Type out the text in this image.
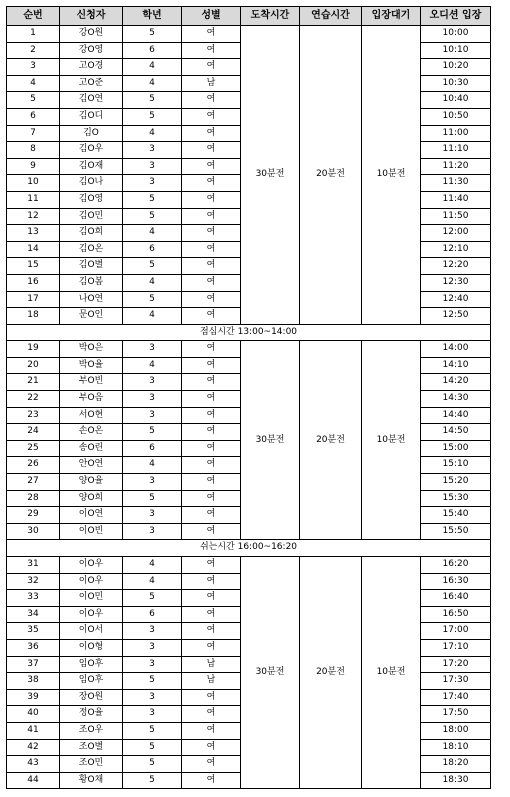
순번	신청자	학년	성별	도착시간	연습시간	입장대기	오디션 입장
1	강O원	5	여	30분전	20분전	10분전	10:00
2	강O영	6	여				10:10
3	고O경	4	여				10:20
4	고O준	4	남				10:30
5	김O연	5	여				10:40
6	김O디	5	여				10:50
7	김O	4	여				11:00
8	김O우	3	여				11:10
9	김O재	3	여				11:20
10	김O나	3	여				11:30
11	김O영	5	여				11:40
12	김O민	5	여				11:50
13	김O희	4	여				12:00
14	김O온	6	여				12:10
15	김O별	5	여				12:20
16	김O봄	4	여				12:30
17	나O연	5	여				12:40
18	문O인	4	여				12:50
점심시간 13:00~14:00							
19	박O은	3	여	30분전	20분전	10분전	14:00
20	박O율	4	여				14:10
21	부O빈	3	여				14:20
22	부O음	3	여				14:30
23	서O현	3	여				14:40
24	손O온	5	여				14:50
25	송O린	6	여				15:00
26	안O연	4	여				15:10
27	양O율	3	여				15:20
28	양O희	5	여				15:30
29	이O연	3	여				15:40
30	이O빈	3	여				15:50
쉬는시간 16:00~16:20							
31	이O우	4	여	30분전	20분전	10분전	16:20
32	이O우	4	여				16:30
33	이O민	5	여				16:40
34	이O우	6	여				16:50
35	이O서	3	여				17:00
36	이O형	3	여				17:10
37	임O후	3	남				17:20
38	임O후	5	남				17:30
39	장O원	3	여				17:40
40	정O율	3	여				17:50
41	조O우	5	여				18:00
42	조O별	5	여				18:10
43	조O민	5	여				18:20
44	황O채	5	여				18:30
